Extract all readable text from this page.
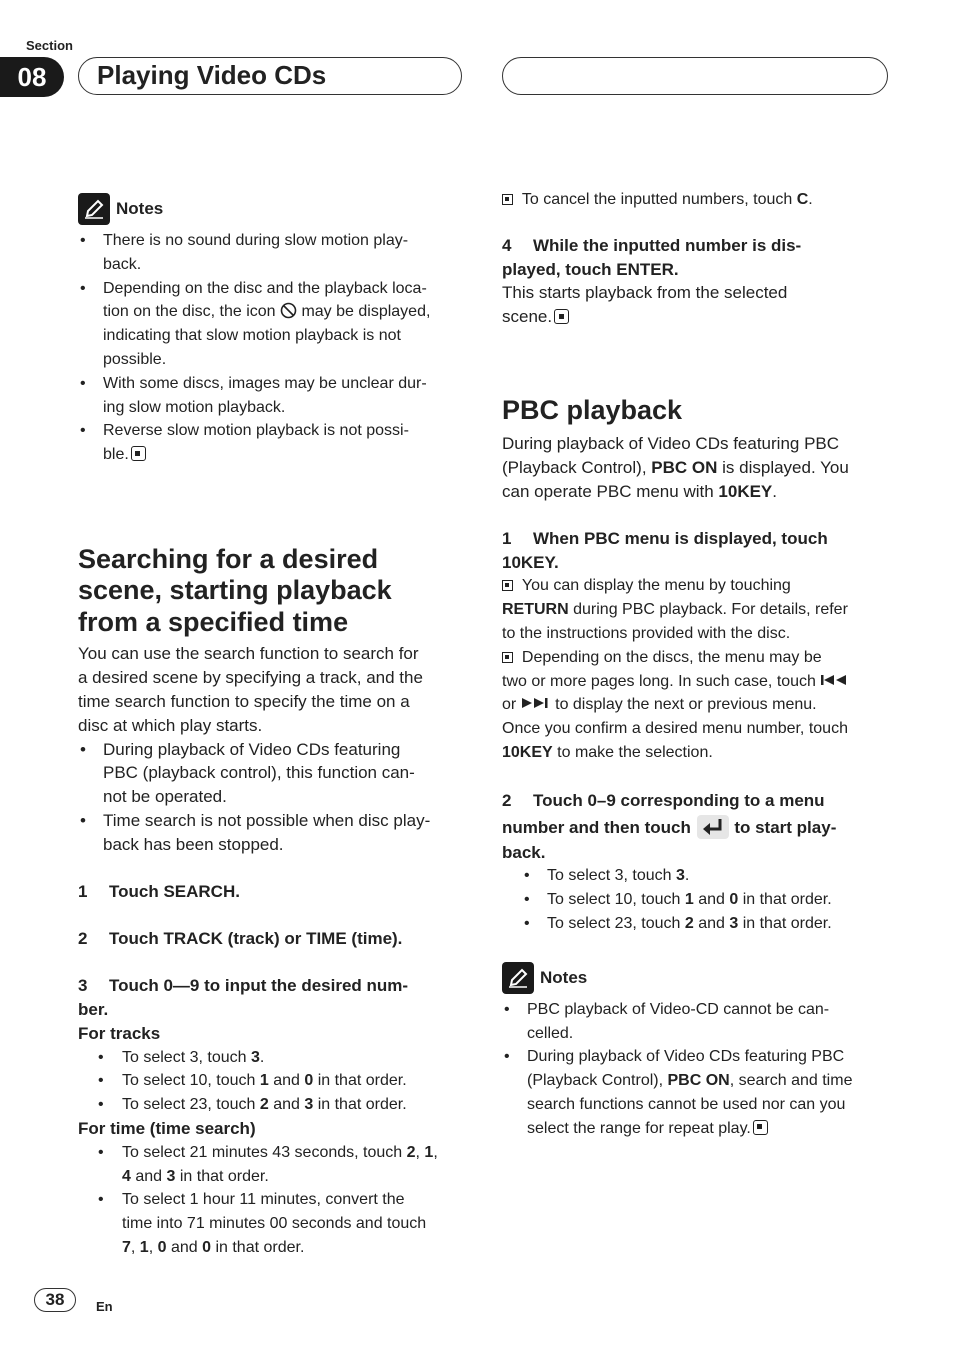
Section
08	Playing Video CDs
Notes
• There is no sound during slow motion play-
back.
• Depending on the disc and the playback loca-
tion on the disc, the icon  may be displayed,
indicating that slow motion playback is not
possible.
• With some discs, images may be unclear dur-
ing slow motion playback.
• Reverse slow motion playback is not possi-
ble.
Searching for a desired
scene, starting playback
from a specified time

You can use the search function to search for
a desired scene by specifying a track, and the
time search function to specify the time on a
disc at which play starts.

• During playback of Video CDs featuring
PBC (playback control), this function can-
not be operated.
• Time search is not possible when disc play-
back has been stopped.

1 Touch SEARCH.

2 Touch TRACK (track) or TIME (time).

3 Touch 0—9 to input the desired num-
ber.

For tracks

• To select 3, touch 3.
• To select 10, touch 1 and 0 in that order.
• To select 23, touch 2 and 3 in that order.

For time (time search)

• To select 21 minutes 43 seconds, touch 2, 1,
4 and 3 in that order.
• To select 1 hour 11 minutes, convert the
time into 71 minutes 00 seconds and touch
7, 1, 0 and 0 in that order.

To cancel the inputted numbers, touch C.

4 While the inputted number is dis-
played, touch ENTER.

This starts playback from the selected
scene.

PBC playback

During playback of Video CDs featuring PBC
(Playback Control), PBC ON is displayed. You
can operate PBC menu with 10KEY.

1 When PBC menu is displayed, touch
10KEY.

You can display the menu by touching
RETURN during PBC playback. For details, refer
to the instructions provided with the disc.

Depending on the discs, the menu may be
two or more pages long. In such case, touch
or  to display the next or previous menu.
Once you confirm a desired menu number, touch
10KEY to make the selection.

2 Touch 0–9 corresponding to a menu
number and then touch  to start play-
back.

• To select 3, touch 3.
• To select 10, touch 1 and 0 in that order.
• To select 23, touch 2 and 3 in that order.
Notes
• PBC playback of Video-CD cannot be can-
celled.
• During playback of Video CDs featuring PBC
(Playback Control), PBC ON, search and time
search functions cannot be used nor can you
select the range for repeat play.
38	En
